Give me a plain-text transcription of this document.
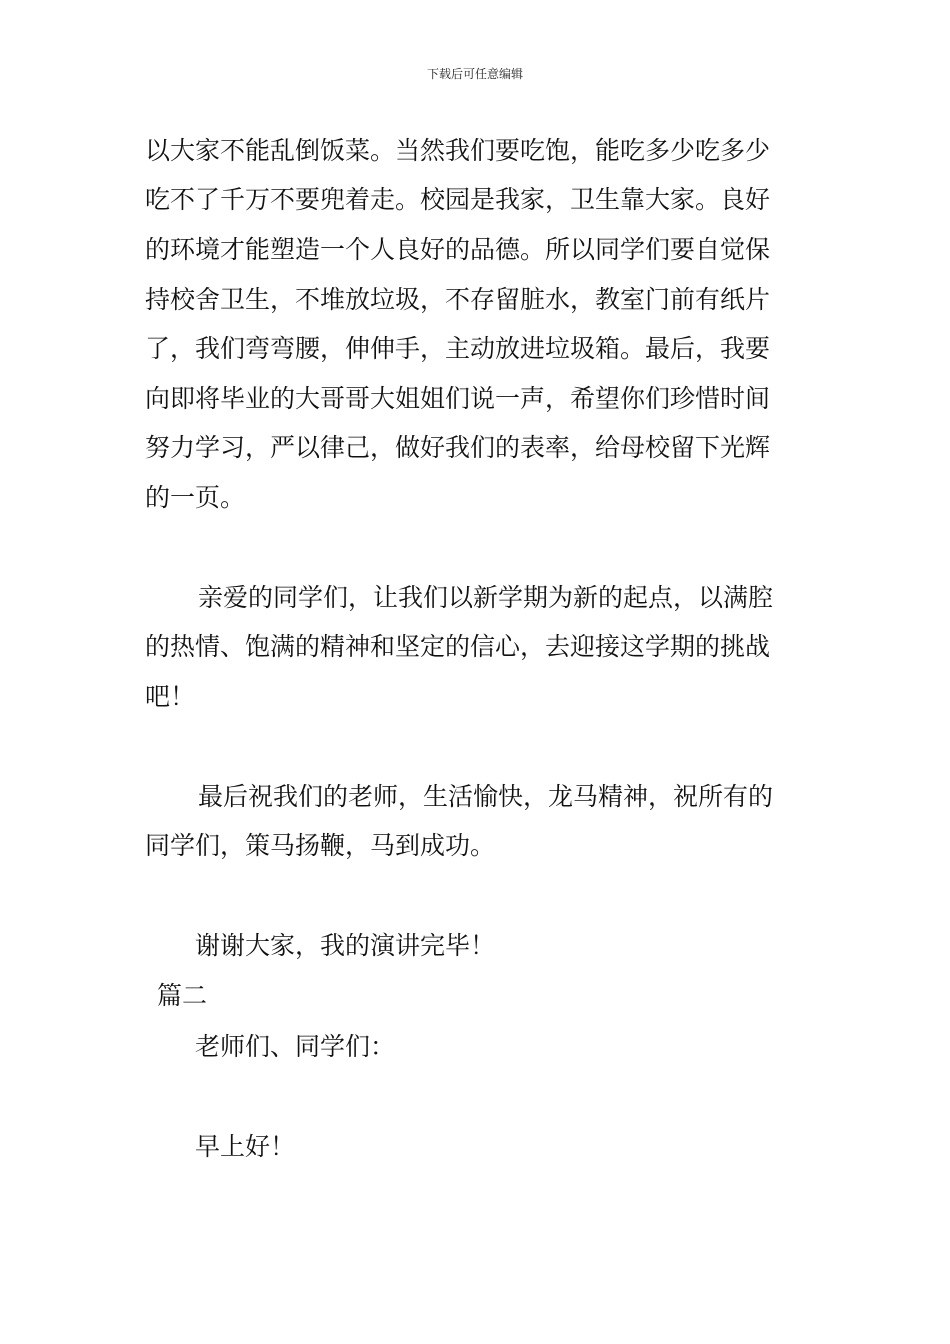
下载后可任意编辑
以大家不能乱倒饭菜。当然我们要吃饱，能吃多少吃多少
吃不了千万不要兜着走。校园是我家，卫生靠大家。良好
的环境才能塑造一个人良好的品德。所以同学们要自觉保
持校舍卫生，不堆放垃圾，不存留脏水，教室门前有纸片
了，我们弯弯腰，伸伸手，主动放进垃圾箱。最后，我要
向即将毕业的大哥哥大姐姐们说一声，希望你们珍惜时间
努力学习，严以律己，做好我们的表率，给母校留下光辉
的一页。
亲爱的同学们，让我们以新学期为新的起点，以满腔
的热情、饱满的精神和坚定的信心，去迎接这学期的挑战
吧！
最后祝我们的老师，生活愉快，龙马精神，祝所有的
同学们，策马扬鞭，马到成功。
谢谢大家，我的演讲完毕！
篇二
老师们、同学们：
早上好！
